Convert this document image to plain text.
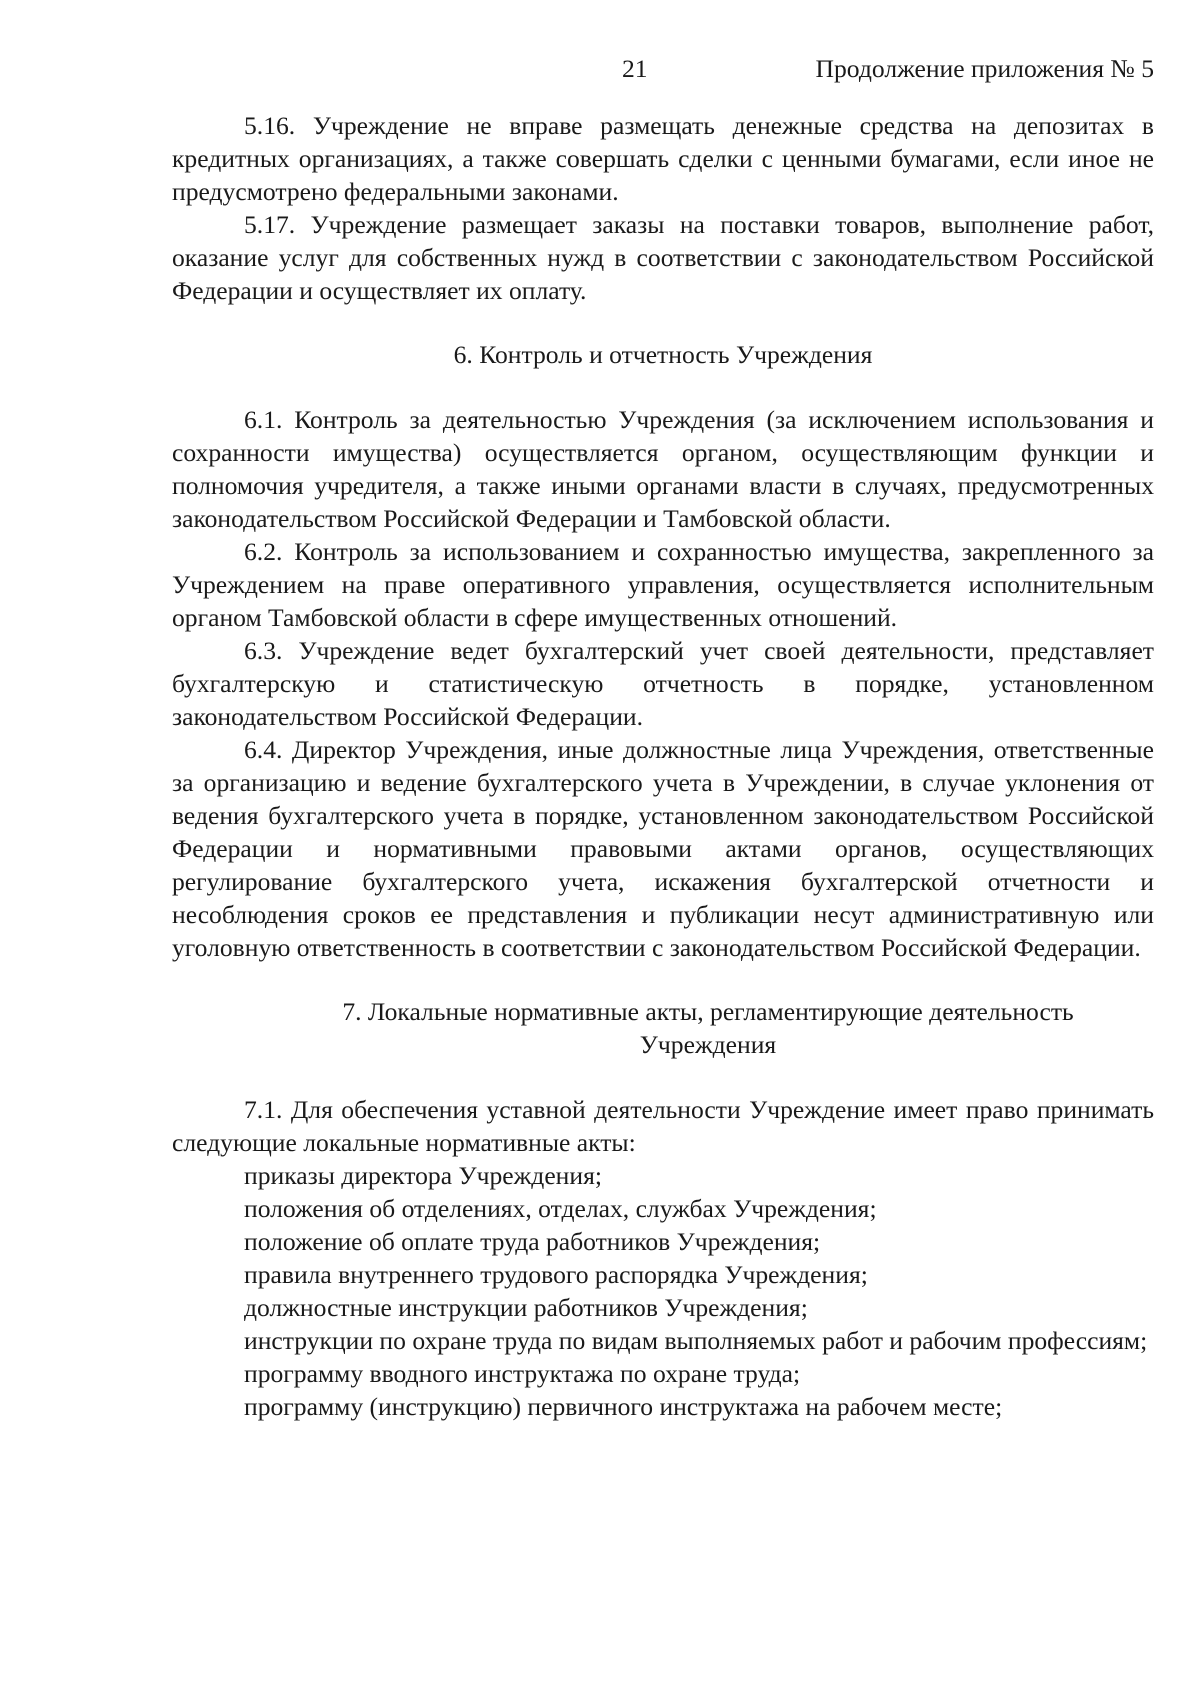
21	Продолжение приложения № 5

5.16. Учреждение не вправе размещать денежные средства на депозитах в кредитных организациях, а также совершать сделки с ценными бумагами, если иное не предусмотрено федеральными законами.

5.17. Учреждение размещает заказы на поставки товаров, выполнение работ, оказание услуг для собственных нужд в соответствии с законодательством Российской Федерации и осуществляет их оплату.

6. Контроль и отчетность Учреждения

6.1. Контроль за деятельностью Учреждения (за исключением использования и сохранности имущества) осуществляется органом, осуществляющим функции и полномочия учредителя, а также иными органами власти в случаях, предусмотренных законодательством Российской Федерации и Тамбовской области.

6.2. Контроль за использованием и сохранностью имущества, закрепленного за Учреждением на праве оперативного управления, осуществляется исполнительным органом Тамбовской области в сфере имущественных отношений.

6.3. Учреждение ведет бухгалтерский учет своей деятельности, представляет бухгалтерскую и статистическую отчетность в порядке, установленном законодательством Российской Федерации.

6.4. Директор Учреждения, иные должностные лица Учреждения, ответственные за организацию и ведение бухгалтерского учета в Учреждении, в случае уклонения от ведения бухгалтерского учета в порядке, установленном законодательством Российской Федерации и нормативными правовыми актами органов, осуществляющих регулирование бухгалтерского учета, искажения бухгалтерской отчетности и несоблюдения сроков ее представления и публикации несут административную или уголовную ответственность в соответствии с законодательством Российской Федерации.

7. Локальные нормативные акты, регламентирующие деятельность
Учреждения

7.1. Для обеспечения уставной деятельности Учреждение имеет право принимать следующие локальные нормативные акты:

приказы директора Учреждения;

положения об отделениях, отделах, службах Учреждения;

положение об оплате труда работников Учреждения;

правила внутреннего трудового распорядка Учреждения;

должностные инструкции работников Учреждения;

инструкции по охране труда по видам выполняемых работ и рабочим профессиям;

программу вводного инструктажа по охране труда;

программу (инструкцию) первичного инструктажа на рабочем месте;
